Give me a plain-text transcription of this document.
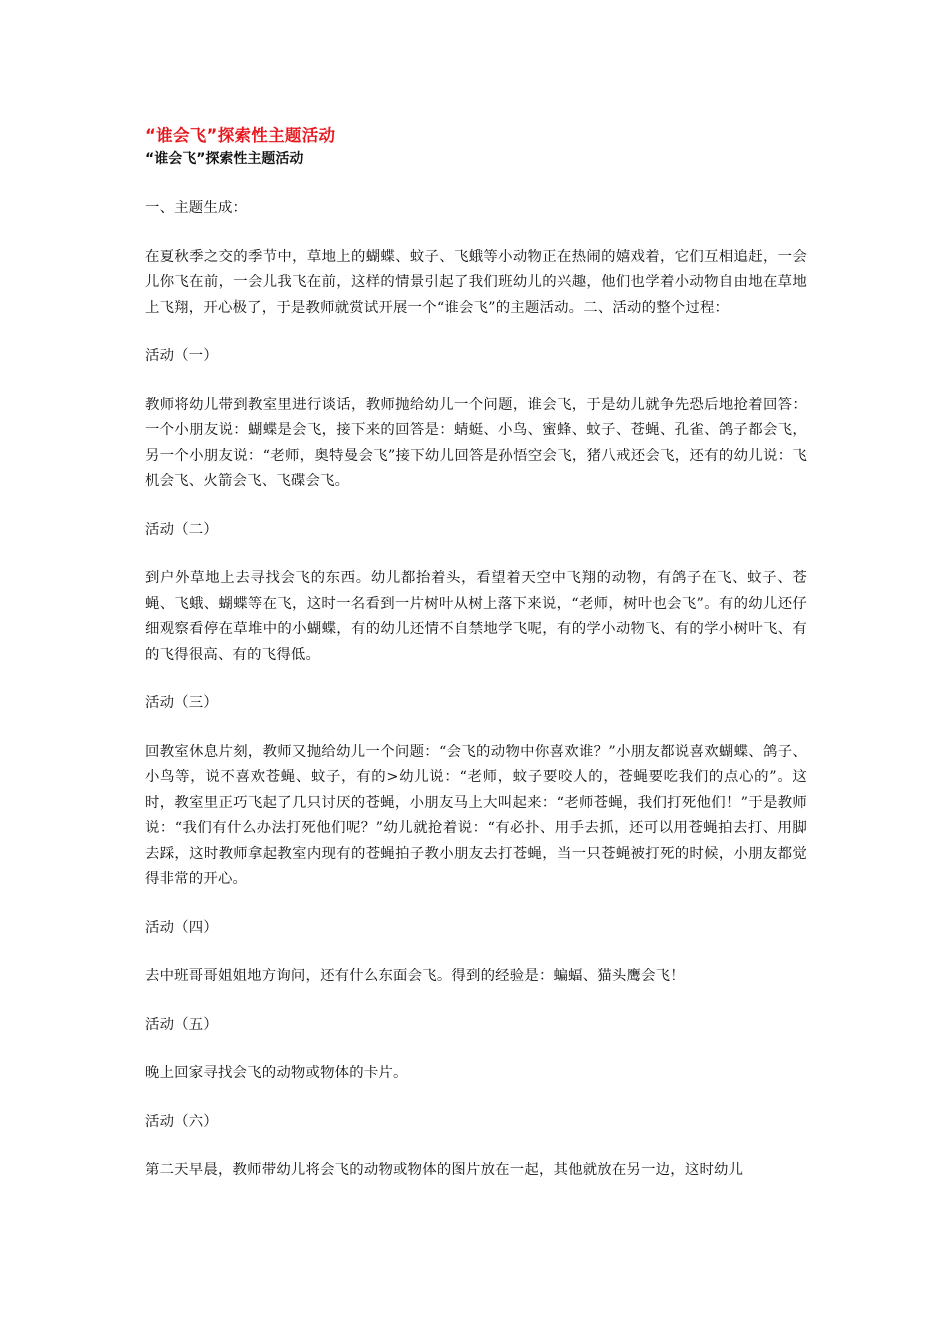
“谁会飞”探索性主题活动
“谁会飞”探索性主题活动

一、主题生成：

在夏秋季之交的季节中，草地上的蝴蝶、蚊子、飞蛾等小动物正在热闹的嬉戏着，它们互相追赶，一会儿你飞在前，一会儿我飞在前，这样的情景引起了我们班幼儿的兴趣，他们也学着小动物自由地在草地上飞翔，开心极了，于是教师就赏试开展一个“谁会飞”的主题活动。二、活动的整个过程：

活动（一）

教师将幼儿带到教室里进行谈话，教师抛给幼儿一个问题，谁会飞，于是幼儿就争先恐后地抢着回答：一个小朋友说：蝴蝶是会飞，接下来的回答是：蜻蜓、小鸟、蜜蜂、蚊子、苍蝇、孔雀、鸽子都会飞，另一个小朋友说：“老师，奥特曼会飞”接下幼儿回答是孙悟空会飞，猪八戒还会飞，还有的幼儿说：飞机会飞、火箭会飞、飞碟会飞。

活动（二）

到户外草地上去寻找会飞的东西。幼儿都抬着头，看望着天空中飞翔的动物，有鸽子在飞、蚊子、苍蝇、飞蛾、蝴蝶等在飞，这时一名看到一片树叶从树上落下来说，“老师，树叶也会飞”。有的幼儿还仔细观察看停在草堆中的小蝴蝶，有的幼儿还情不自禁地学飞呢，有的学小动物飞、有的学小树叶飞、有的飞得很高、有的飞得低。

活动（三）

回教室休息片刻，教师又抛给幼儿一个问题：“会飞的动物中你喜欢谁？”小朋友都说喜欢蝴蝶、鸽子、小鸟等，说不喜欢苍蝇、蚊子，有的>幼儿说：“老师，蚊子要咬人的，苍蝇要吃我们的点心的”。这时，教室里正巧飞起了几只讨厌的苍蝇，小朋友马上大叫起来：“老师苍蝇，我们打死他们！”于是教师说：“我们有什么办法打死他们呢？”幼儿就抢着说：“有必扑、用手去抓，还可以用苍蝇拍去打、用脚去踩，这时教师拿起教室内现有的苍蝇拍子教小朋友去打苍蝇，当一只苍蝇被打死的时候，小朋友都觉得非常的开心。

活动（四）

去中班哥哥姐姐地方询问，还有什么东面会飞。得到的经验是：蝙蝠、猫头鹰会飞！

活动（五）

晚上回家寻找会飞的动物或物体的卡片。

活动（六）

第二天早晨，教师带幼儿将会飞的动物或物体的图片放在一起，其他就放在另一边，这时幼儿
